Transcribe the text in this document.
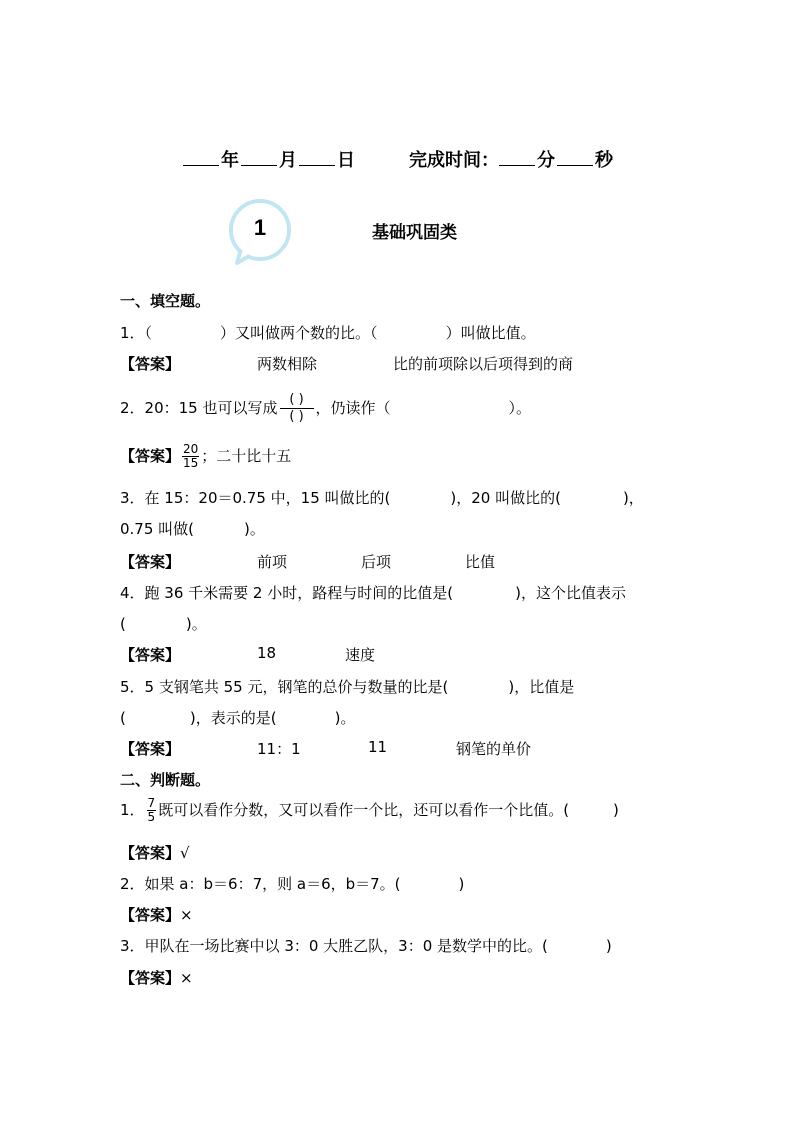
年 月 日	完成时间： 分 秒
1	基础巩固类
一、填空题。
1．（	）又叫做两个数的比。（	）叫做比值。
【答案】	两数相除	比的前项除以后项得到的商
2．20：15 也可以写成 ( )
( ) ，仍读作（	）。
【答案】 $\frac{20}{15}$ ；二十比十五
3．在 15：20＝0.75 中，15 叫做比的(	)，20 叫做比的(	)，
0.75 叫做(	)。
【答案】	前项	后项	比值
4．跑 36 千米需要 2 小时，路程与时间的比值是(	)，这个比值表示
(	)。
【答案】	18	速度
5．5 支钢笔共 55 元，钢笔的总价与数量的比是(	)，比值是
(	)，表示的是(	)。
【答案】	11：1	11	钢笔的单价
二、判断题。
1． $\frac{7}{5}$ 既可以看作分数，又可以看作一个比，还可以看作一个比值。(	)
【答案】√
2．如果 a：b＝6：7，则 a＝6，b＝7。(	)
【答案】×
3．甲队在一场比赛中以 3：0 大胜乙队，3：0 是数学中的比。(	)
【答案】×
